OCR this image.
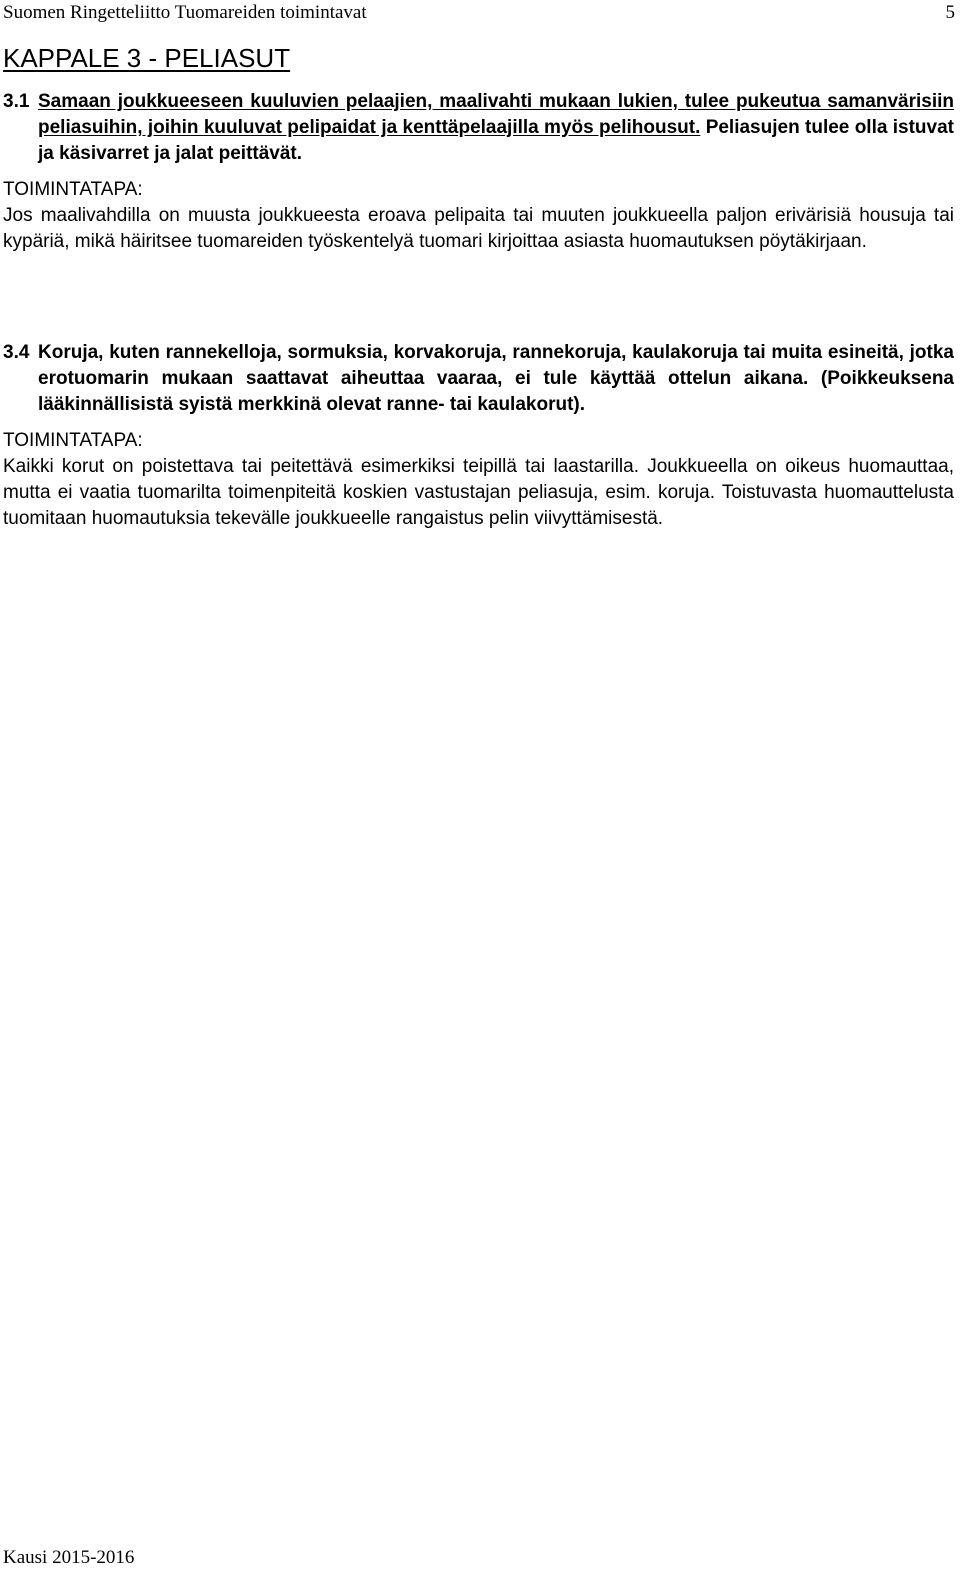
Suomen Ringetteliitto Tuomareiden toimintavat	5
KAPPALE 3 - PELIASUT
3.1 Samaan joukkueeseen kuuluvien pelaajien, maalivahti mukaan lukien, tulee pukeutua samanvärisiin peliasuihin, joihin kuuluvat pelipaidat ja kenttäpelaajilla myös pelihousut. Peliasujen tulee olla istuvat ja käsivarret ja jalat peittävät.
TOIMINTATAPA:
Jos maalivahdilla on muusta joukkueesta eroava pelipaita tai muuten joukkueella paljon erivärisiä housuja tai kypäriä, mikä häiritsee tuomareiden työskentelyä tuomari kirjoittaa asiasta huomautuksen pöytäkirjaan.
3.4 Koruja, kuten rannekelloja, sormuksia, korvakoruja, rannekoruja, kaulakoruja tai muita esineitä, jotka erotuomarin mukaan saattavat aiheuttaa vaaraa, ei tule käyttää ottelun aikana. (Poikkeuksena lääkinnällisistä syistä merkkinä olevat ranne- tai kaulakorut).
TOIMINTATAPA:
Kaikki korut on poistettava tai peitettävä esimerkiksi teipillä tai laastarilla. Joukkueella on oikeus huomauttaa, mutta ei vaatia tuomarilta toimenpiteitä koskien vastustajan peliasuja, esim. koruja. Toistuvasta huomauttelusta tuomitaan huomautuksia tekevälle joukkueelle rangaistus pelin viivyttämisestä.
Kausi 2015-2016
